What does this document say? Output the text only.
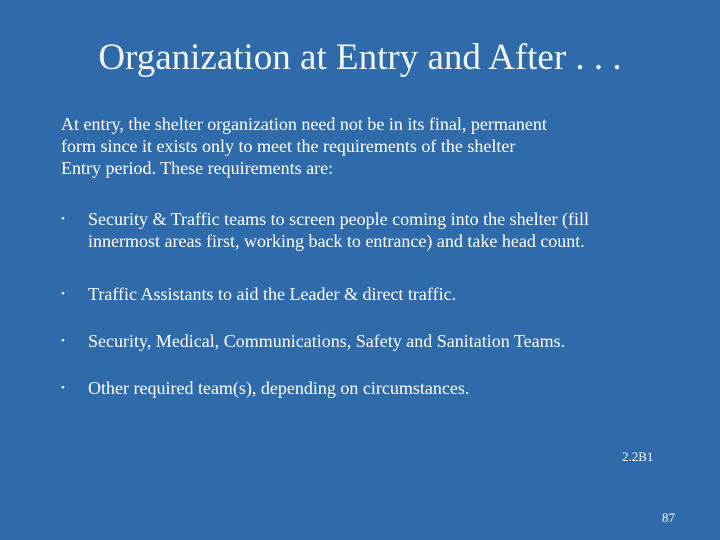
Organization at Entry and After . . .
At entry, the shelter organization need not be in its final, permanent
form since it exists only to meet the requirements of the shelter
Entry period. These requirements are:
• Security & Traffic teams to screen people coming into the shelter (fill
innermost areas first, working back to entrance) and take head count.
• Traffic Assistants to aid the Leader & direct traffic.
• Security, Medical, Communications, Safety and Sanitation Teams.
• Other required team(s), depending on circumstances.
2.2B1
87
